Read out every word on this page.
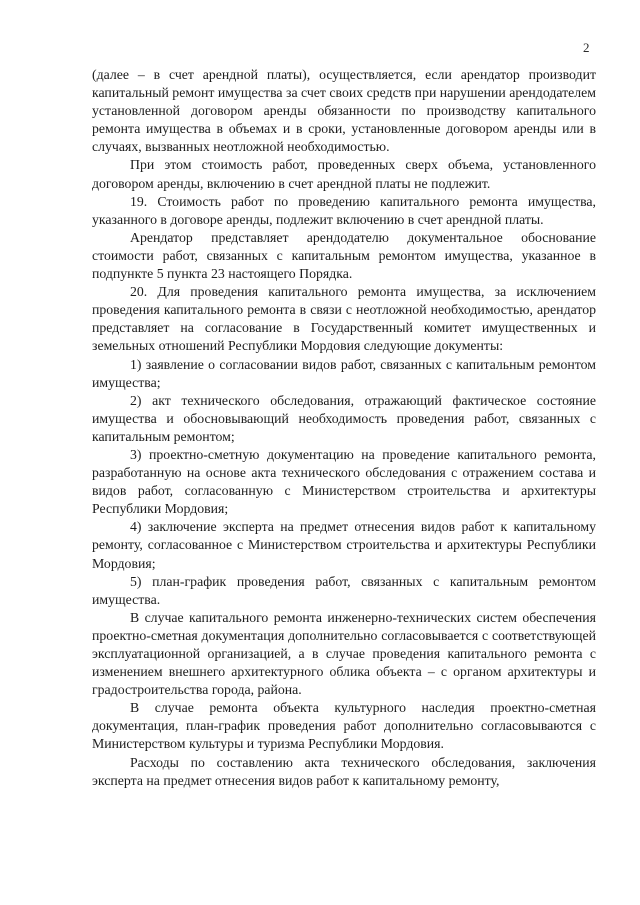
2

(далее – в счет арендной платы), осуществляется, если арендатор производит капитальный ремонт имущества за счет своих средств при нарушении арендодателем установленной договором аренды обязанности по производству капитального ремонта имущества в объемах и в сроки, установленные договором аренды или в случаях, вызванных неотложной необходимостью.

При этом стоимость работ, проведенных сверх объема, установленного договором аренды, включению в счет арендной платы не подлежит.

19. Стоимость работ по проведению капитального ремонта имущества, указанного в договоре аренды, подлежит включению в счет арендной платы.

Арендатор представляет арендодателю документальное обоснование стоимости работ, связанных с капитальным ремонтом имущества, указанное в подпункте 5 пункта 23 настоящего Порядка.

20. Для проведения капитального ремонта имущества, за исключением проведения капитального ремонта в связи с неотложной необходимостью, арендатор представляет на согласование в Государственный комитет имущественных и земельных отношений Республики Мордовия следующие документы:

1) заявление о согласовании видов работ, связанных с капитальным ремонтом имущества;

2) акт технического обследования, отражающий фактическое состояние имущества и обосновывающий необходимость проведения работ, связанных с капитальным ремонтом;

3) проектно-сметную документацию на проведение капитального ремонта, разработанную на основе акта технического обследования с отражением состава и видов работ, согласованную с Министерством строительства и архитектуры Республики Мордовия;

4) заключение эксперта на предмет отнесения видов работ к капитальному ремонту, согласованное с Министерством строительства и архитектуры Республики Мордовия;

5) план-график проведения работ, связанных с капитальным ремонтом имущества.

В случае капитального ремонта инженерно-технических систем обеспечения проектно-сметная документация дополнительно согласовывается с соответствующей эксплуатационной организацией, а в случае проведения капитального ремонта с изменением внешнего архитектурного облика объекта – с органом архитектуры и градостроительства города, района.

В случае ремонта объекта культурного наследия проектно-сметная документация, план-график проведения работ дополнительно согласовываются с Министерством культуры и туризма Республики Мордовия.

Расходы по составлению акта технического обследования, заключения эксперта на предмет отнесения видов работ к капитальному ремонту,
